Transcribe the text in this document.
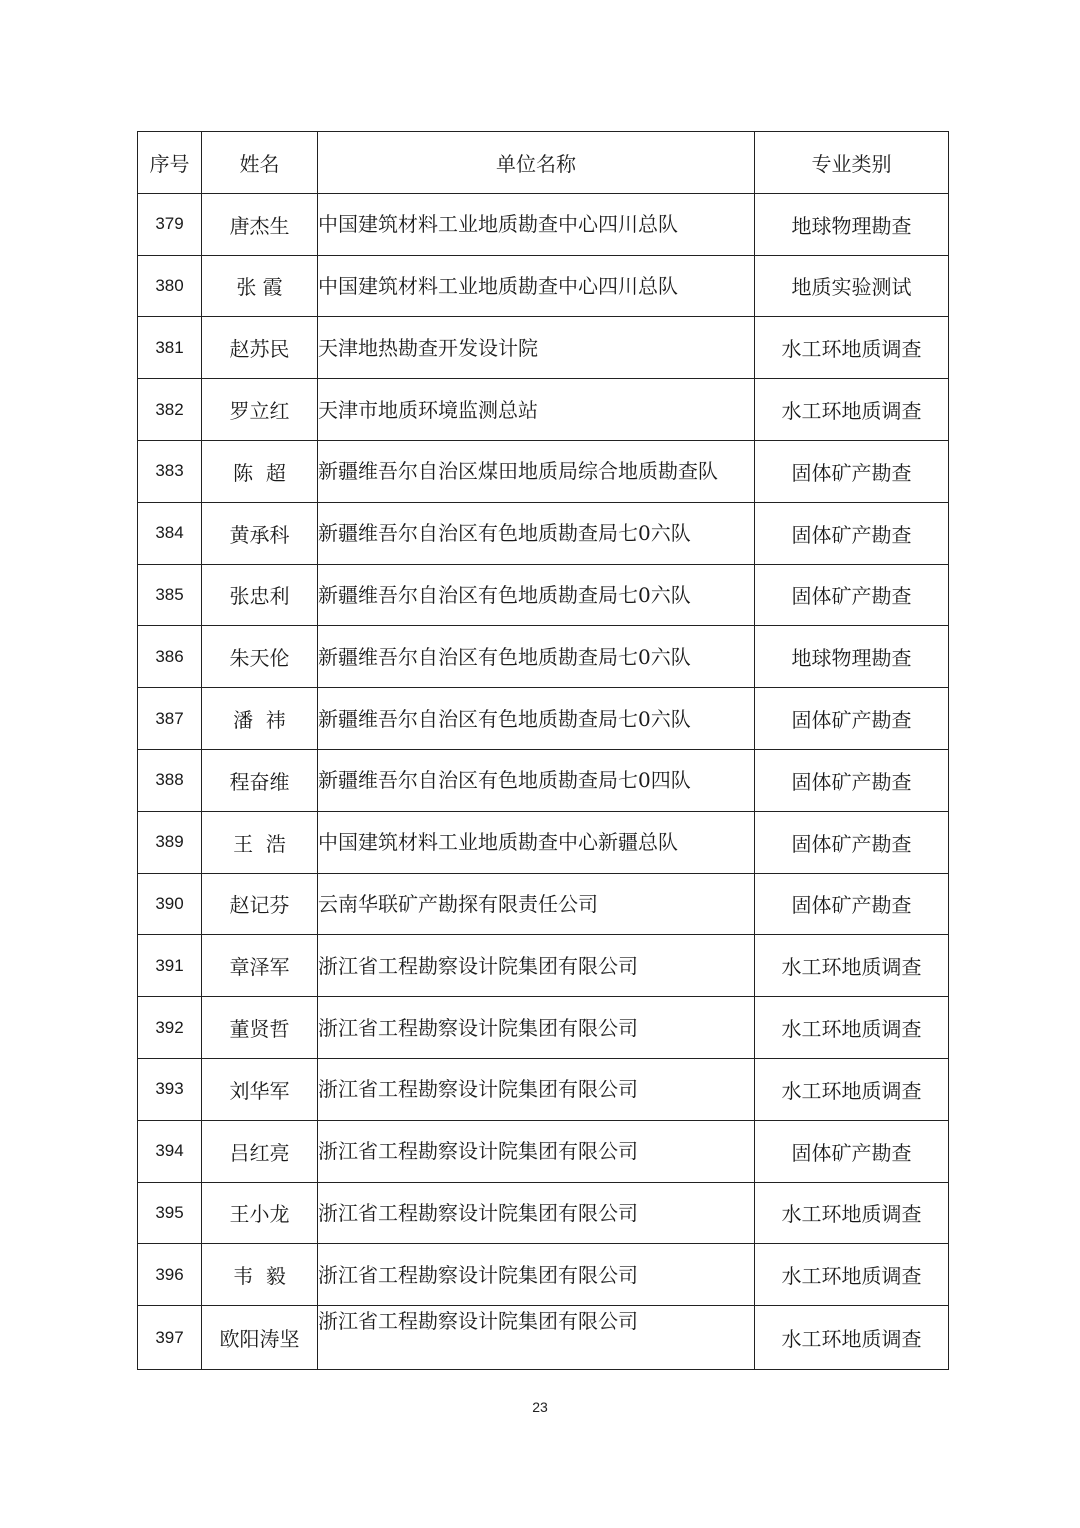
序号	姓名	单位名称	专业类别
379	唐杰生	中国建筑材料工业地质勘查中心四川总队	地球物理勘查
380	张 霞	中国建筑材料工业地质勘查中心四川总队	地质实验测试
381	赵苏民	天津地热勘查开发设计院	水工环地质调查
382	罗立红	天津市地质环境监测总站	水工环地质调查
383	陈  超	新疆维吾尔自治区煤田地质局综合地质勘查队	固体矿产勘查
384	黄承科	新疆维吾尔自治区有色地质勘查局七0六队	固体矿产勘查
385	张忠利	新疆维吾尔自治区有色地质勘查局七0六队	固体矿产勘查
386	朱天伦	新疆维吾尔自治区有色地质勘查局七0六队	地球物理勘查
387	潘  祎	新疆维吾尔自治区有色地质勘查局七0六队	固体矿产勘查
388	程奋维	新疆维吾尔自治区有色地质勘查局七0四队	固体矿产勘查
389	王  浩	中国建筑材料工业地质勘查中心新疆总队	固体矿产勘查
390	赵记芬	云南华联矿产勘探有限责任公司	固体矿产勘查
391	章泽军	浙江省工程勘察设计院集团有限公司	水工环地质调查
392	董贤哲	浙江省工程勘察设计院集团有限公司	水工环地质调查
393	刘华军	浙江省工程勘察设计院集团有限公司	水工环地质调查
394	吕红亮	浙江省工程勘察设计院集团有限公司	固体矿产勘查
395	王小龙	浙江省工程勘察设计院集团有限公司	水工环地质调查
396	韦  毅	浙江省工程勘察设计院集团有限公司	水工环地质调查
397	欧阳涛坚	浙江省工程勘察设计院集团有限公司	水工环地质调查
23
